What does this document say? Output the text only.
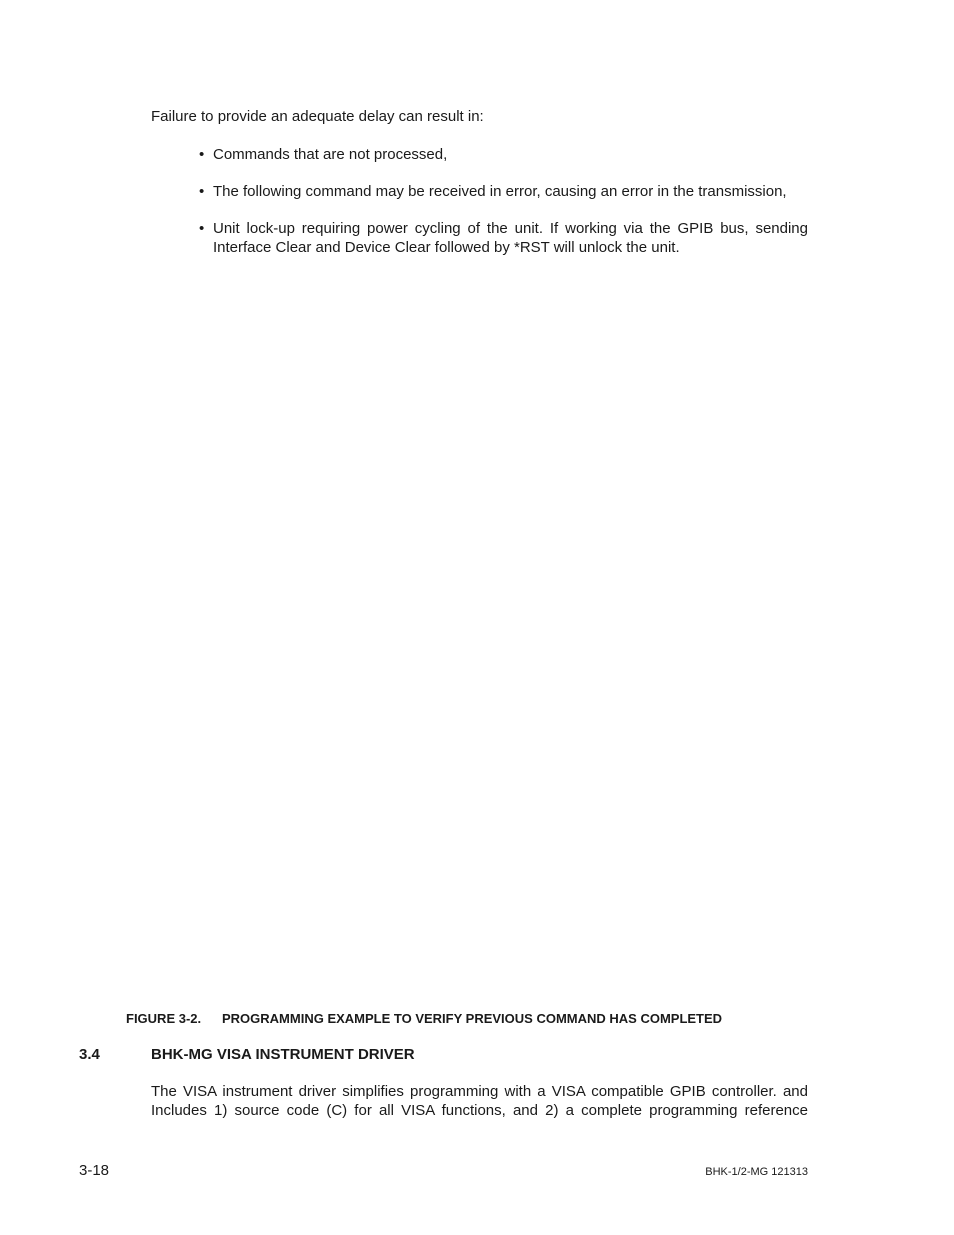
Failure to provide an adequate delay can result in:
• Commands that are not processed,
• The following command may be received in error, causing an error in the transmission,
• Unit lock-up requiring power cycling of the unit. If working via the GPIB bus, sending Interface Clear and Device Clear followed by *RST will unlock the unit.
FIGURE 3-2. PROGRAMMING EXAMPLE TO VERIFY PREVIOUS COMMAND HAS COMPLETED
3.4	BHK-MG VISA INSTRUMENT DRIVER
The VISA instrument driver simplifies programming with a VISA compatible GPIB controller. and
Includes 1) source code (C) for all VISA functions, and 2) a complete programming reference
3-18	BHK-1/2-MG 121313
